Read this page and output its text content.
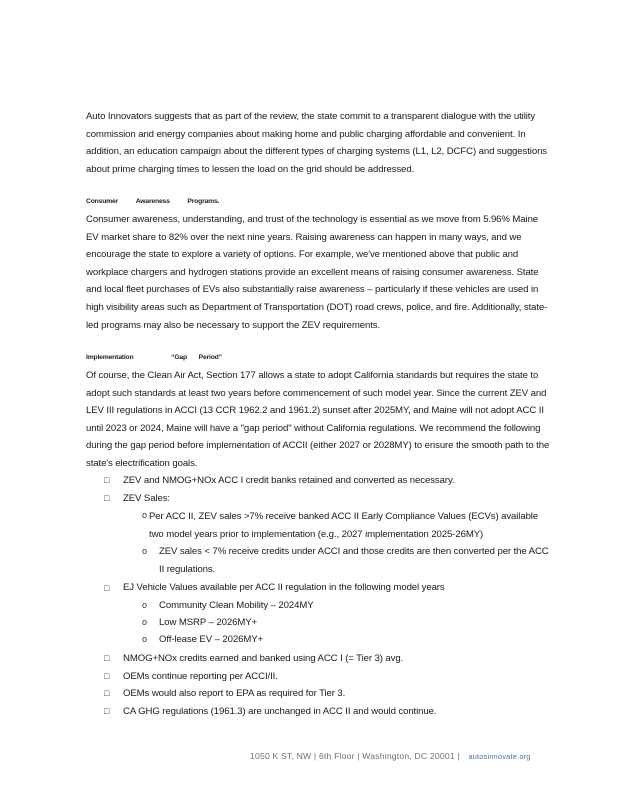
Auto Innovators suggests that as part of the review, the state commit to a transparent dialogue with the utility commission and energy companies about making home and public charging affordable and convenient. In addition, an education campaign about the different types of charging systems (L1, L2, DCFC) and suggestions about prime charging times to lessen the load on the grid should be addressed.

Consumer	Awareness	Programs.

Consumer awareness, understanding, and trust of the technology is essential as we move from 5.96% Maine EV market share to 82% over the next nine years. Raising awareness can happen in many ways, and we encourage the state to explore a variety of options. For example, we've mentioned above that public and workplace chargers and hydrogen stations provide an excellent means of raising consumer awareness. State and local fleet purchases of EVs also substantially raise awareness – particularly if these vehicles are used in high visibility areas such as Department of Transportation (DOT) road crews, police, and fire. Additionally, state-led programs may also be necessary to support the ZEV requirements.

Implementation	“Gap Period”

Of course, the Clean Air Act, Section 177 allows a state to adopt California standards but requires the state to adopt such standards at least two years before commencement of such model year. Since the current ZEV and LEV III regulations in ACCI (13 CCR 1962.2 and 1961.2) sunset after 2025MY, and Maine will not adopt ACC II until 2023 or 2024, Maine will have a "gap period" without California regulations. We recommend the following during the gap period before implementation of ACCII (either 2027 or 2028MY) to ensure the smooth path to the state's electrification goals.

□ ZEV and NMOG+NOx ACC I credit banks retained and converted as necessary.

□ ZEV Sales:

o Per ACC II, ZEV sales >7% receive banked ACC II Early Compliance Values (ECVs) available two model years prior to implementation (e.g., 2027 implementation 2025-26MY)

o ZEV sales < 7% receive credits under ACCI and those credits are then converted per the ACC II regulations.

□ EJ Vehicle Values available per ACC II regulation in the following model years

o Community Clean Mobility – 2024MY

o Low MSRP – 2026MY+

o Off-lease EV – 2026MY+

□ NMOG+NOx credits earned and banked using ACC I (= Tier 3) avg.

□ OEMs continue reporting per ACCI/II.

□ OEMs would also report to EPA as required for Tier 3.

□ CA GHG regulations (1961.3) are unchanged in ACC II and would continue.

1050 K ST, NW | 6th Floor | Washington, DC 20001 | autosinnovate.org
